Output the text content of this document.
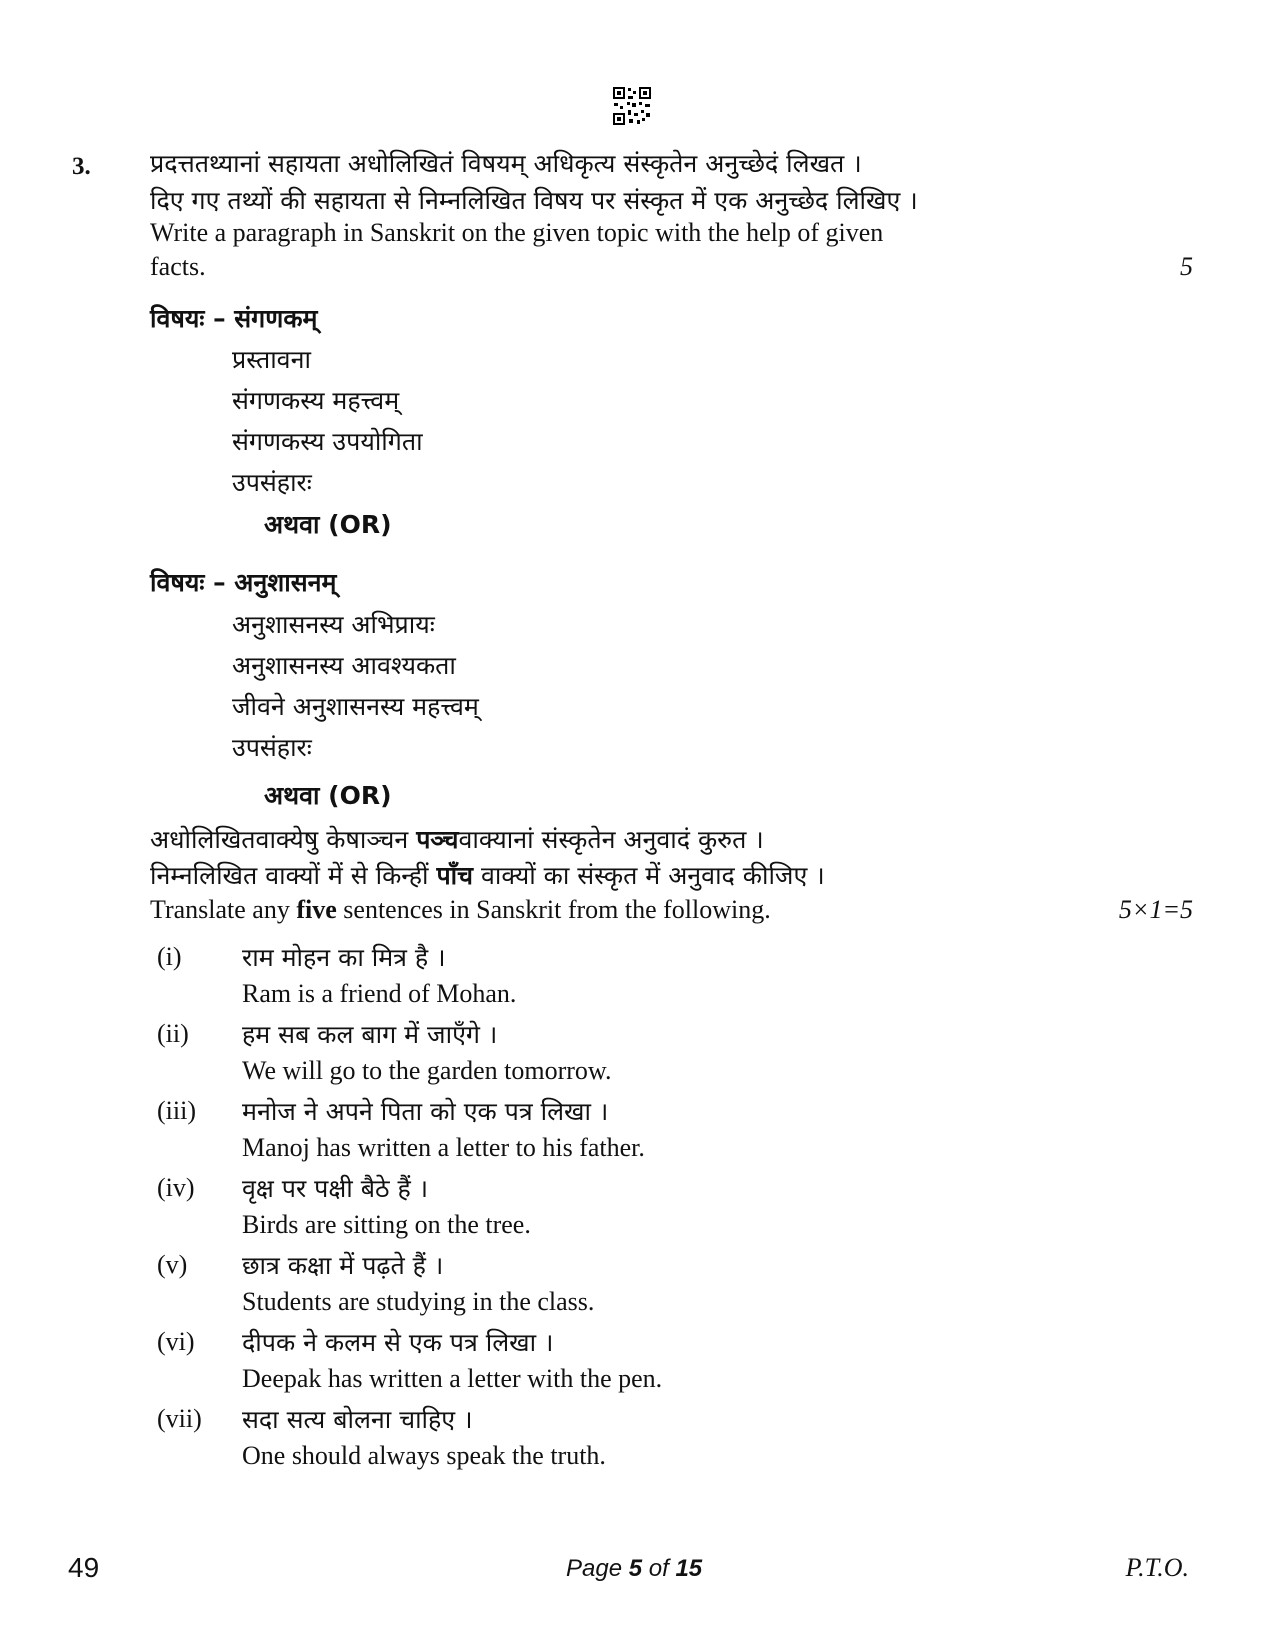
3. प्रदत्ततथ्यानां सहायता अधोलिखितं विषयम् अधिकृत्य संस्कृतेन अनुच्छेदं लिखत ।
दिए गए तथ्यों की सहायता से निम्नलिखित विषय पर संस्कृत में एक अनुच्छेद लिखिए ।
Write a paragraph in Sanskrit on the given topic with the help of given
facts.	5
विषयः – संगणकम्
प्रस्तावना
संगणकस्य महत्त्वम्
संगणकस्य उपयोगिता
उपसंहारः
अथवा (OR)
विषयः – अनुशासनम्
अनुशासनस्य अभिप्रायः
अनुशासनस्य आवश्यकता
जीवने अनुशासनस्य महत्त्वम्
उपसंहारः
अथवा (OR)
अधोलिखितवाक्येषु केषाञ्चन पञ्चवाक्यानां संस्कृतेन अनुवादं कुरुत ।
निम्नलिखित वाक्यों में से किन्हीं पाँच वाक्यों का संस्कृत में अनुवाद कीजिए ।
Translate any five sentences in Sanskrit from the following.	5×1=5
(i) राम मोहन का मित्र है ।
Ram is a friend of Mohan.
(ii) हम सब कल बाग में जाएँगे ।
We will go to the garden tomorrow.
(iii) मनोज ने अपने पिता को एक पत्र लिखा ।
Manoj has written a letter to his father.
(iv) वृक्ष पर पक्षी बैठे हैं ।
Birds are sitting on the tree.
(v) छात्र कक्षा में पढ़ते हैं ।
Students are studying in the class.
(vi) दीपक ने कलम से एक पत्र लिखा ।
Deepak has written a letter with the pen.
(vii) सदा सत्य बोलना चाहिए ।
One should always speak the truth.
49	Page 5 of 15	P.T.O.
